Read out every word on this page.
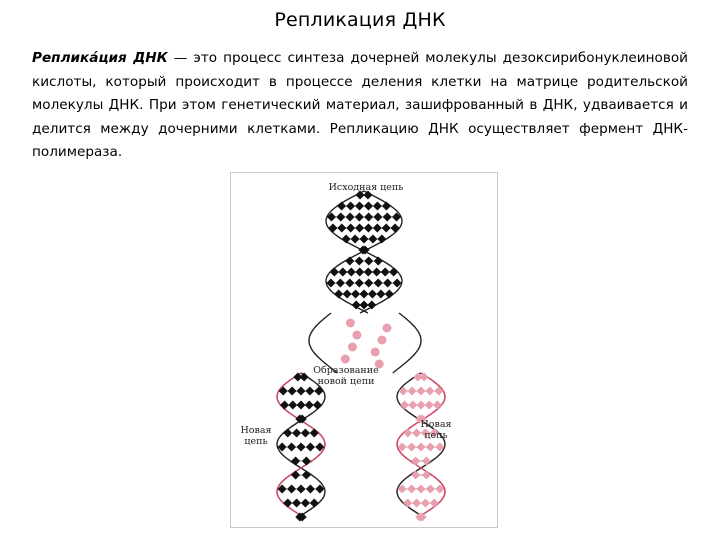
Репликация ДНК
Реплика́ция ДНК — это процесс синтеза дочерней молекулы дезоксирибонуклеиновой кислоты, который происходит в процессе деления клетки на матрице родительской молекулы ДНК. При этом генетический материал, зашифрованный в ДНК, удваивается и делится между дочерними клетками. Репликацию ДНК осуществляет фермент ДНК-полимераза.
Исходная цепь
Образование новой цепи
Новая цепь
Новая цепь
